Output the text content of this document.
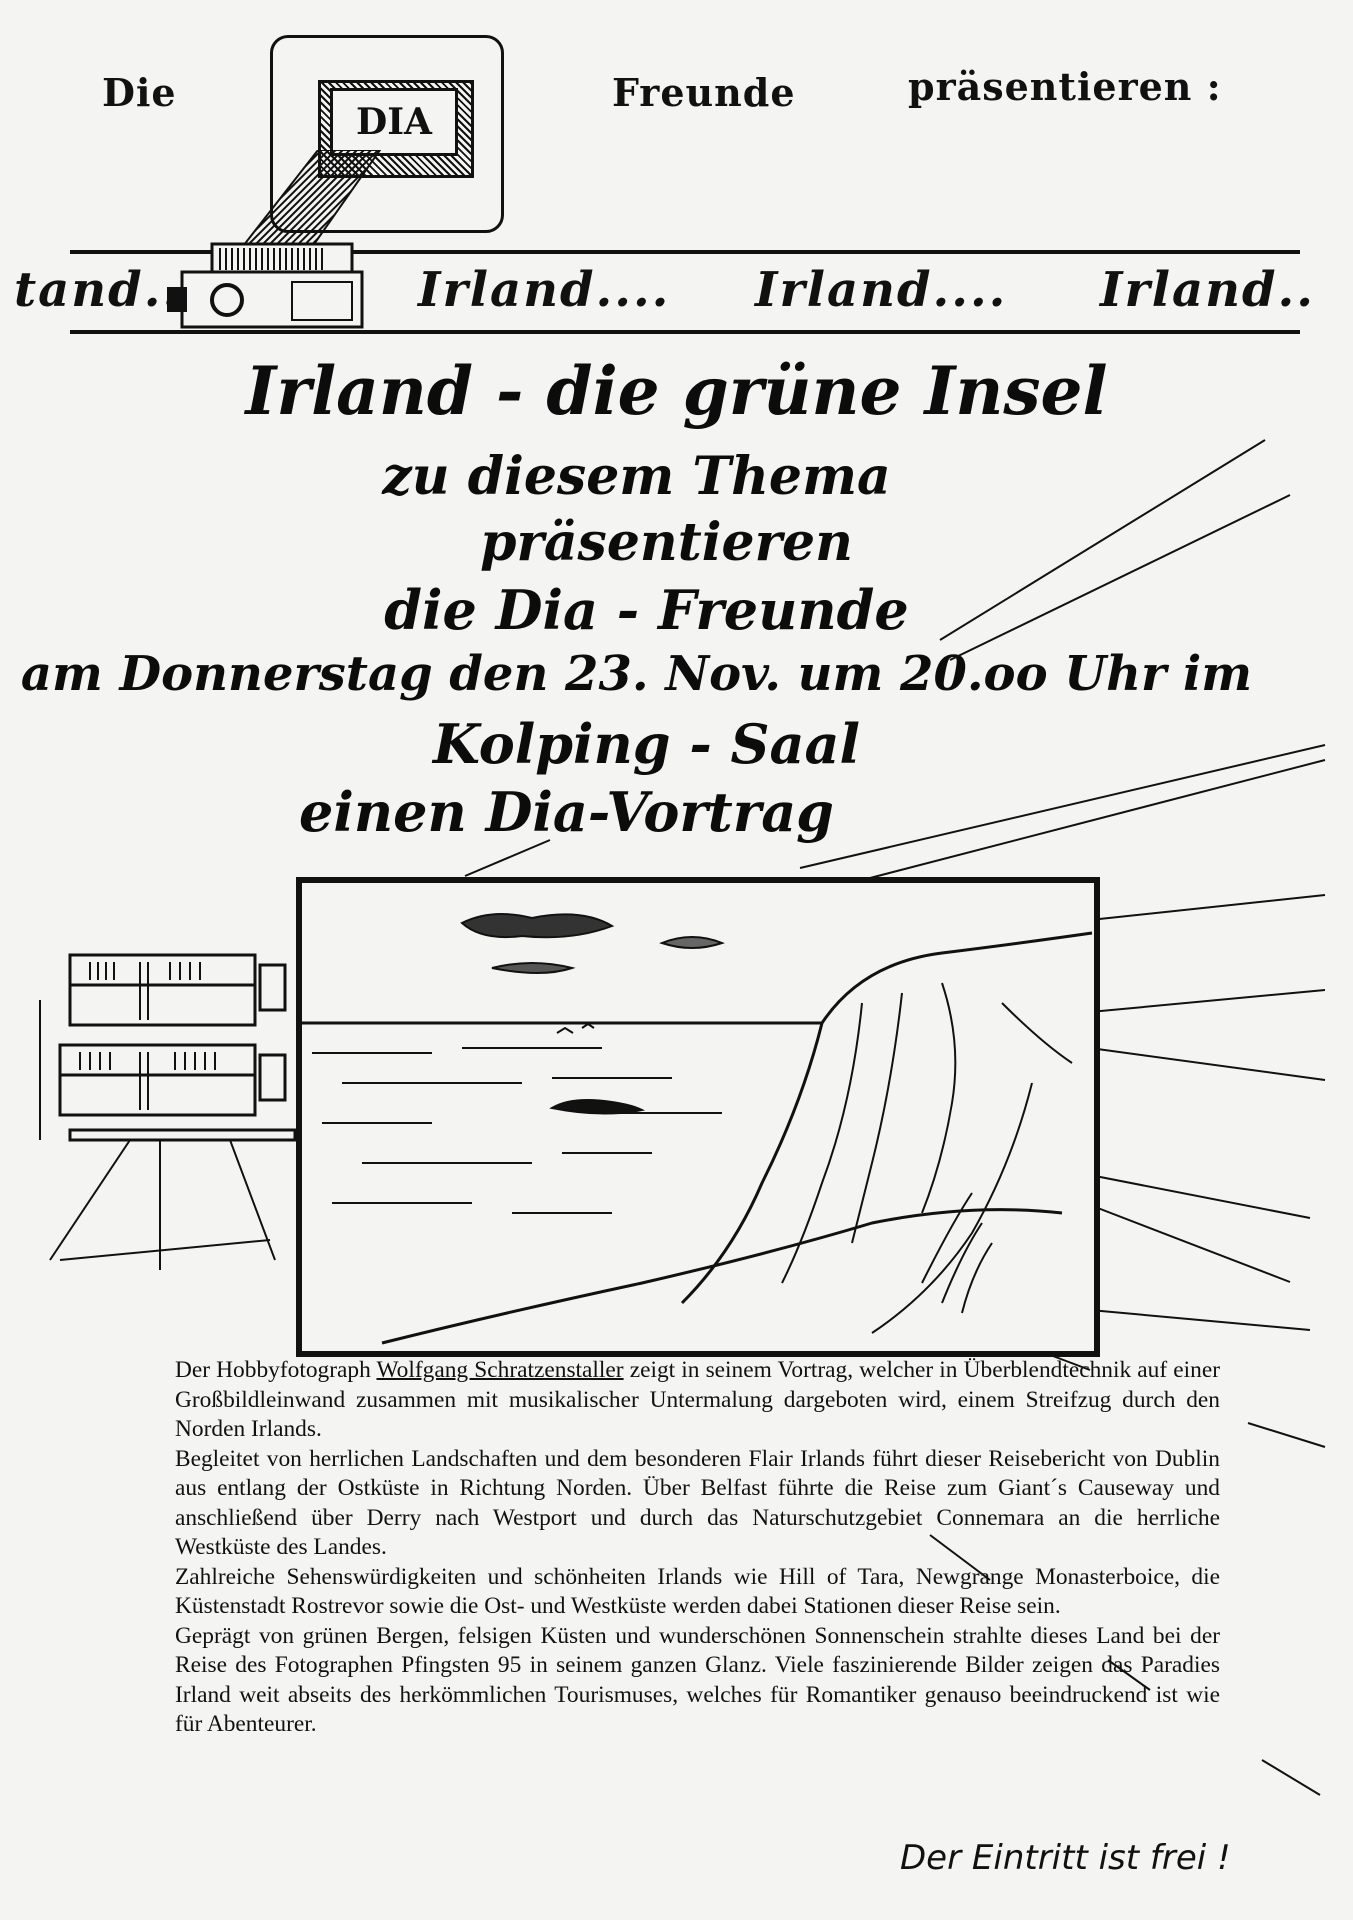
Die
DIA
Freunde	präsentieren :
tand..	Irland.... Irland.... Irland..
Irland - die grüne Insel
zu diesem Thema
präsentieren
die Dia - Freunde
am Donnerstag den 23. Nov. um 20.oo Uhr im
Kolping - Saal
einen Dia-Vortrag

Der Hobbyfotograph Wolfgang Schratzenstaller zeigt in seinem Vortrag, welcher in Überblendtechnik auf einer Großbildleinwand zusammen mit musikalischer Untermalung dargeboten wird, einem Streifzug durch den Norden Irlands.

Begleitet von herrlichen Landschaften und dem besonderen Flair Irlands führt dieser Reisebericht von Dublin aus entlang der Ostküste in Richtung Norden. Über Belfast führte die Reise zum Giant´s Causeway und anschließend über Derry nach Westport und durch das Naturschutzgebiet Connemara an die herrliche Westküste des Landes.

Zahlreiche Sehenswürdigkeiten und schönheiten Irlands wie Hill of Tara, Newgrange Monasterboice, die Küstenstadt Rostrevor sowie die Ost- und Westküste werden dabei Stationen dieser Reise sein.

Geprägt von grünen Bergen, felsigen Küsten und wunderschönen Sonnenschein strahlte dieses Land bei der Reise des Fotographen Pfingsten 95 in seinem ganzen Glanz. Viele faszinierende Bilder zeigen das Paradies Irland weit abseits des herkömmlichen Tourismuses, welches für Romantiker genauso beeindruckend ist wie für Abenteurer.

Der Eintritt ist frei !
